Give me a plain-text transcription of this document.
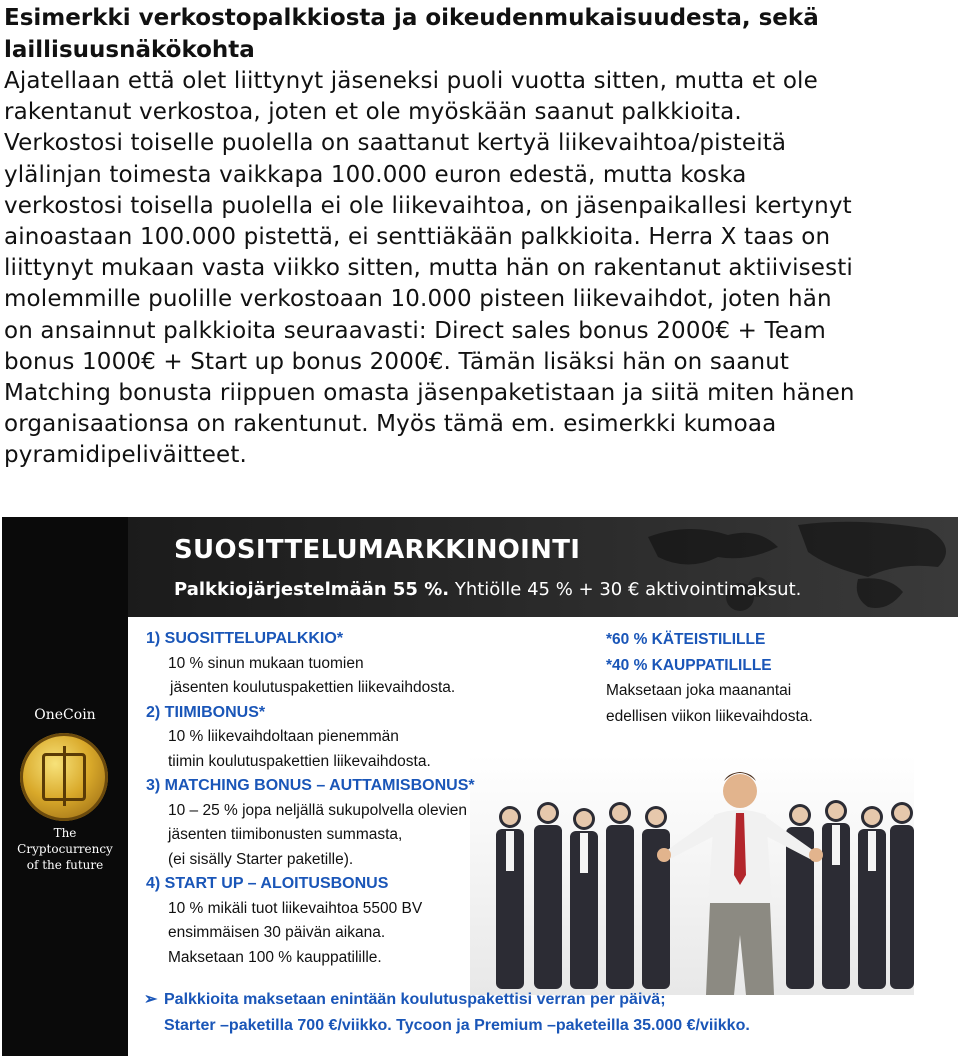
Esimerkki verkostopalkkiosta ja oikeudenmukaisuudesta, sekä
laillisuusnäkökohta
Ajatellaan että olet liittynyt jäseneksi puoli vuotta sitten, mutta et ole
rakentanut verkostoa, joten et ole myöskään saanut palkkioita.
Verkostosi toiselle puolella on saattanut kertyä liikevaihtoa/pisteitä
ylälinjan toimesta vaikkapa 100.000 euron edestä, mutta koska
verkostosi toisella puolella ei ole liikevaihtoa, on jäsenpaikallesi kertynyt
ainoastaan 100.000 pistettä, ei senttiäkään palkkioita. Herra X taas on
liittynyt mukaan vasta viikko sitten, mutta hän on rakentanut aktiivisesti
molemmille puolille verkostoaan 10.000 pisteen liikevaihdot, joten hän
on ansainnut palkkioita seuraavasti: Direct sales bonus 2000€ + Team
bonus 1000€ + Start up bonus 2000€. Tämän lisäksi hän on saanut
Matching bonusta riippuen omasta jäsenpaketistaan ja siitä miten hänen
organisaationsa on rakentunut. Myös tämä em. esimerkki kumoaa
pyramidipeliväitteet.
OneCoin
The
Cryptocurrency
of the future
SUOSITTELUMARKKINOINTI
Palkkiojärjestelmään 55 %. Yhtiölle 45 % + 30 € aktivointimaksut.
1) SUOSITTELUPALKKIO*
10 % sinun mukaan tuomien
jäsenten koulutuspakettien liikevaihdosta.
2) TIIMIBONUS*
10 % liikevaihdoltaan pienemmän
tiimin koulutuspakettien liikevaihdosta.
3) MATCHING BONUS – AUTTAMISBONUS*
10 – 25 % jopa neljällä sukupolvella olevien
jäsenten tiimibonusten summasta,
(ei sisälly Starter paketille).
4) START UP – ALOITUSBONUS
10 % mikäli tuot liikevaihtoa 5500 BV
ensimmäisen 30 päivän aikana.
Maksetaan 100 % kauppatilille.
*60 % KÄTEISTILILLE
*40 % KAUPPATILILLE
Maksetaan joka maanantai
edellisen viikon liikevaihdosta.
➢ Palkkioita maksetaan enintään koulutuspakettisi verran per päivä;
Starter –paketilla 700 €/viikko. Tycoon ja Premium –paketeilla 35.000 €/viikko.
